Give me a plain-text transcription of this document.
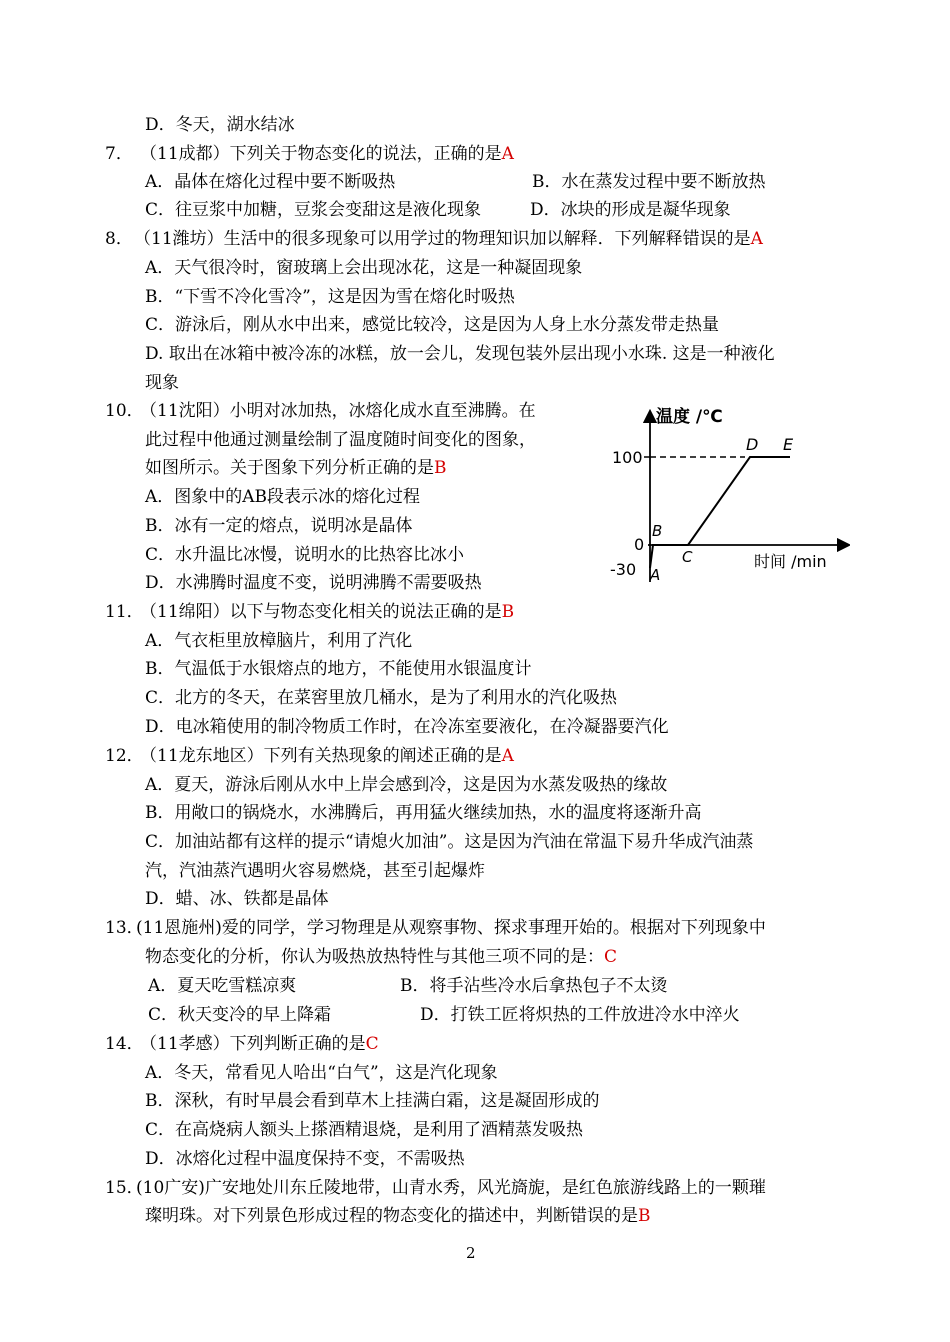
D．冬天，湖水结冰
7． （11成都）下列关于物态变化的说法，正确的是A
A．晶体在熔化过程中要不断吸热	B．水在蒸发过程中要不断放热
C．往豆浆中加糖，豆浆会变甜这是液化现象	D．冰块的形成是凝华现象
8． （11潍坊）生活中的很多现象可以用学过的物理知识加以解释．下列解释错误的是A
A．天气很冷时，窗玻璃上会出现冰花，这是一种凝固现象
B．“下雪不冷化雪冷”，这是因为雪在熔化时吸热
C．游泳后，刚从水中出来，感觉比较冷，这是因为人身上水分蒸发带走热量
D. 取出在冰箱中被冷冻的冰糕，放一会儿，发现包装外层出现小水珠. 这是一种液化
现象
10．
（11沈阳）小明对冰加热，冰熔化成水直至沸腾。在
此过程中他通过测量绘制了温度随时间变化的图象，
如图所示。关于图象下列分析正确的是B
A．图象中的AB段表示冰的熔化过程
B．冰有一定的熔点，说明冰是晶体
C．水升温比冰慢，说明水的比热容比冰小
D．水沸腾时温度不变，说明沸腾不需要吸热
温度 /℃
时间 /min
100
0
-30 A
B
C
D E
11．
（11绵阳）以下与物态变化相关的说法正确的是B
A．气衣柜里放樟脑片，利用了汽化
B．气温低于水银熔点的地方，不能使用水银温度计
C．北方的冬天，在菜窖里放几桶水，是为了利用水的汽化吸热
D．电冰箱使用的制冷物质工作时，在冷冻室要液化，在冷凝器要汽化
12．
（11龙东地区）下列有关热现象的阐述正确的是A
A．夏天，游泳后刚从水中上岸会感到冷，这是因为水蒸发吸热的缘故
B．用敞口的锅烧水，水沸腾后，再用猛火继续加热，水的温度将逐渐升高
C．加油站都有这样的提示“请熄火加油”。这是因为汽油在常温下易升华成汽油蒸
汽，汽油蒸汽遇明火容易燃烧，甚至引起爆炸
D．蜡、冰、铁都是晶体
13．
(11恩施州)爱的同学，学习物理是从观察事物、探求事理开始的。根据对下列现象中
物态变化的分析，你认为吸热放热特性与其他三项不同的是：C
A．夏天吃雪糕凉爽	B．将手沾些冷水后拿热包子不太烫
C．秋天变冷的早上降霜	D．打铁工匠将炽热的工件放进冷水中淬火
14．
（11孝感）下列判断正确的是C
A．冬天，常看见人哈出“白气”，这是汽化现象
B．深秋，有时早晨会看到草木上挂满白霜，这是凝固形成的
C．在高烧病人额头上搽酒精退烧，是利用了酒精蒸发吸热
D．冰熔化过程中温度保持不变，不需吸热
15．
(10广安)广安地处川东丘陵地带，山青水秀，风光旖旎，是红色旅游线路上的一颗璀
璨明珠。对下列景色形成过程的物态变化的描述中，判断错误的是B
2
